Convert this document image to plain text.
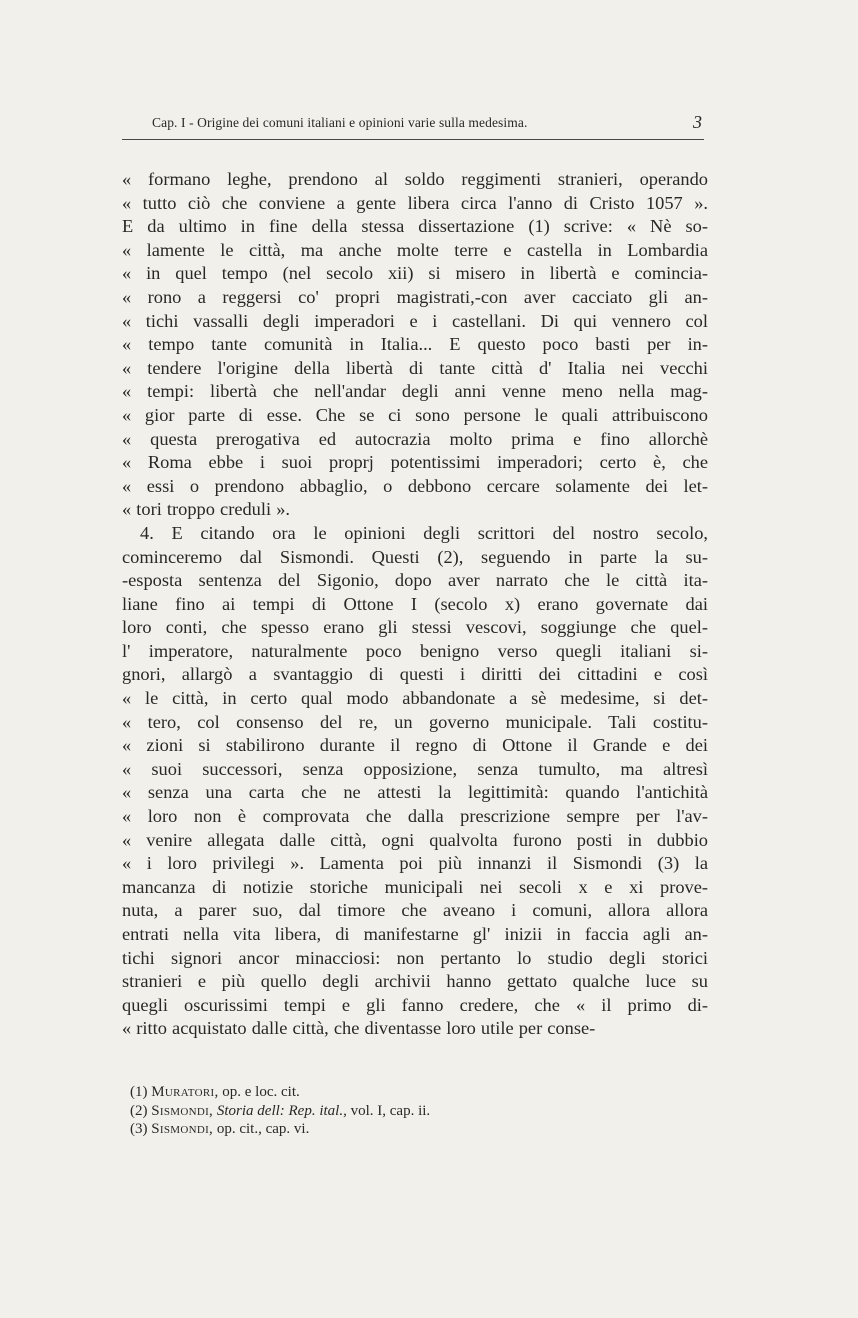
Cap. I - Origine dei comuni italiani e opinioni varie sulla medesima.	3
« formano leghe, prendono al soldo reggimenti stranieri, operando
« tutto ciò che conviene a gente libera circa l'anno di Cristo 1057 ».
E da ultimo in fine della stessa dissertazione (1) scrive: « Nè so-
« lamente le città, ma anche molte terre e castella in Lombardia
« in quel tempo (nel secolo xii) si misero in libertà e comincia-
« rono a reggersi co' propri magistrati,-con aver cacciato gli an-
« tichi vassalli degli imperadori e i castellani. Di qui vennero col
« tempo tante comunità in Italia... E questo poco basti per in-
« tendere l'origine della libertà di tante città d' Italia nei vecchi
« tempi: libertà che nell'andar degli anni venne meno nella mag-
« gior parte di esse. Che se ci sono persone le quali attribuiscono
« questa prerogativa ed autocrazia molto prima e fino allorchè
« Roma ebbe i suoi proprj potentissimi imperadori; certo è, che
« essi o prendono abbaglio, o debbono cercare solamente dei let-
« tori troppo creduli ».
4. E citando ora le opinioni degli scrittori del nostro secolo,
cominceremo dal Sismondi. Questi (2), seguendo in parte la su-
-esposta sentenza del Sigonio, dopo aver narrato che le città ita-
liane fino ai tempi di Ottone I (secolo x) erano governate dai
loro conti, che spesso erano gli stessi vescovi, soggiunge che quel-
l' imperatore, naturalmente poco benigno verso quegli italiani si-
gnori, allargò a svantaggio di questi i diritti dei cittadini e così
« le città, in certo qual modo abbandonate a sè medesime, si det-
« tero, col consenso del re, un governo municipale. Tali costitu-
« zioni si stabilirono durante il regno di Ottone il Grande e dei
« suoi successori, senza opposizione, senza tumulto, ma altresì
« senza una carta che ne attesti la legittimità: quando l'antichità
« loro non è comprovata che dalla prescrizione sempre per l'av-
« venire allegata dalle città, ogni qualvolta furono posti in dubbio
« i loro privilegi ». Lamenta poi più innanzi il Sismondi (3) la
mancanza di notizie storiche municipali nei secoli x e xi prove-
nuta, a parer suo, dal timore che aveano i comuni, allora allora
entrati nella vita libera, di manifestarne gl' inizii in faccia agli an-
tichi signori ancor minacciosi: non pertanto lo studio degli storici
stranieri e più quello degli archivii hanno gettato qualche luce su
quegli oscurissimi tempi e gli fanno credere, che « il primo di-
« ritto acquistato dalle città, che diventasse loro utile per conse-
(1) Muratori, op. e loc. cit.
(2) Sismondi, Storia dell: Rep. ital., vol. I, cap. ii.
(3) Sismondi, op. cit., cap. vi.
